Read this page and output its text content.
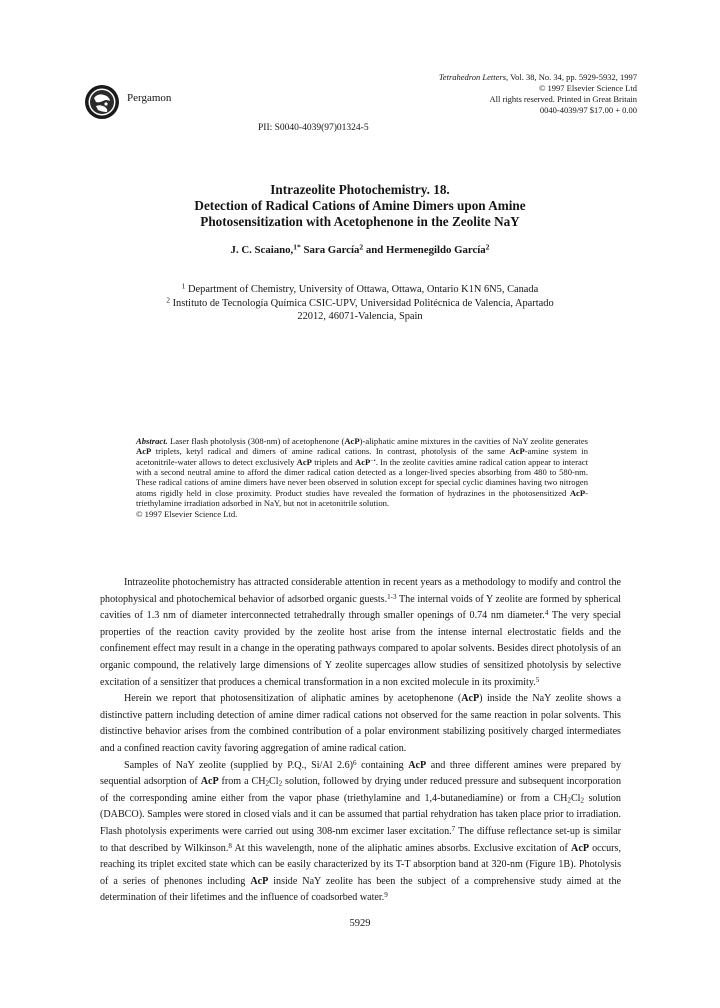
Pergamon
Tetrahedron Letters, Vol. 38, No. 34, pp. 5929-5932, 1997
© 1997 Elsevier Science Ltd
All rights reserved. Printed in Great Britain
0040-4039/97 $17.00 + 0.00
PII: S0040-4039(97)01324-5
Intrazeolite Photochemistry. 18.
Detection of Radical Cations of Amine Dimers upon Amine
Photosensitization with Acetophenone in the Zeolite NaY
J. C. Scaiano,$^{1*}$ Sara García$^2$ and Hermenegildo García$^2$
$^1$ Department of Chemistry, University of Ottawa, Ottawa, Ontario K1N 6N5, Canada
$^2$ Instituto de Tecnología Química CSIC-UPV, Universidad Politécnica de Valencia, Apartado
22012, 46071-Valencia, Spain
Abstract. Laser flash photolysis (308-nm) of acetophenone (AcP)-aliphatic amine mixtures in the cavities of NaY zeolite generates AcP triplets, ketyl radical and dimers of amine radical cations. In contrast, photolysis of the same AcP-amine system in acetonitrile-water allows to detect exclusively AcP triplets and AcP−•. In the zeolite cavities amine radical cation appear to interact with a second neutral amine to afford the dimer radical cation detected as a longer-lived species absorbing from 480 to 580-nm. These radical cations of amine dimers have never been observed in solution except for special cyclic diamines having two nitrogen atoms rigidly held in close proximity. Product studies have revealed the formation of hydrazines in the photosensitized AcP-triethylamine irradiation adsorbed in NaY, but not in acetonitrile solution.
© 1997 Elsevier Science Ltd.

Intrazeolite photochemistry has attracted considerable attention in recent years as a methodology to modify and control the photophysical and photochemical behavior of adsorbed organic guests.$^{1-3}$ The internal voids of Y zeolite are formed by spherical cavities of 1.3 nm of diameter interconnected tetrahedrally through smaller openings of 0.74 nm diameter.$^4$ The very special properties of the reaction cavity provided by the zeolite host arise from the intense internal electrostatic fields and the confinement effect may result in a change in the operating pathways compared to apolar solvents. Besides direct photolysis of an organic compound, the relatively large dimensions of Y zeolite supercages allow studies of sensitized photolysis by selective excitation of a sensitizer that produces a chemical transformation in a non excited molecule in its proximity.$^5$

Herein we report that photosensitization of aliphatic amines by acetophenone (AcP) inside the NaY zeolite shows a distinctive pattern including detection of amine dimer radical cations not observed for the same reaction in polar solvents. This distinctive behavior arises from the combined contribution of a polar environment stabilizing positively charged intermediates and a confined reaction cavity favoring aggregation of amine radical cation.

Samples of NaY zeolite (supplied by P.Q., Si/Al 2.6)$^6$ containing AcP and three different amines were prepared by sequential adsorption of AcP from a $CH_2Cl_2$ solution, followed by drying under reduced pressure and subsequent incorporation of the corresponding amine either from the vapor phase (triethylamine and 1,4-butanediamine) or from a $CH_2Cl_2$ solution (DABCO). Samples were stored in closed vials and it can be assumed that partial rehydration has taken place prior to irradiation. Flash photolysis experiments were carried out using 308-nm excimer laser excitation.$^7$ The diffuse reflectance set-up is similar to that described by Wilkinson.$^8$ At this wavelength, none of the aliphatic amines absorbs. Exclusive excitation of AcP occurs, reaching its triplet excited state which can be easily characterized by its T-T absorption band at 320-nm (Figure 1B). Photolysis of a series of phenones including AcP inside NaY zeolite has been the subject of a comprehensive study aimed at the determination of their lifetimes and the influence of coadsorbed water.$^9$

5929
